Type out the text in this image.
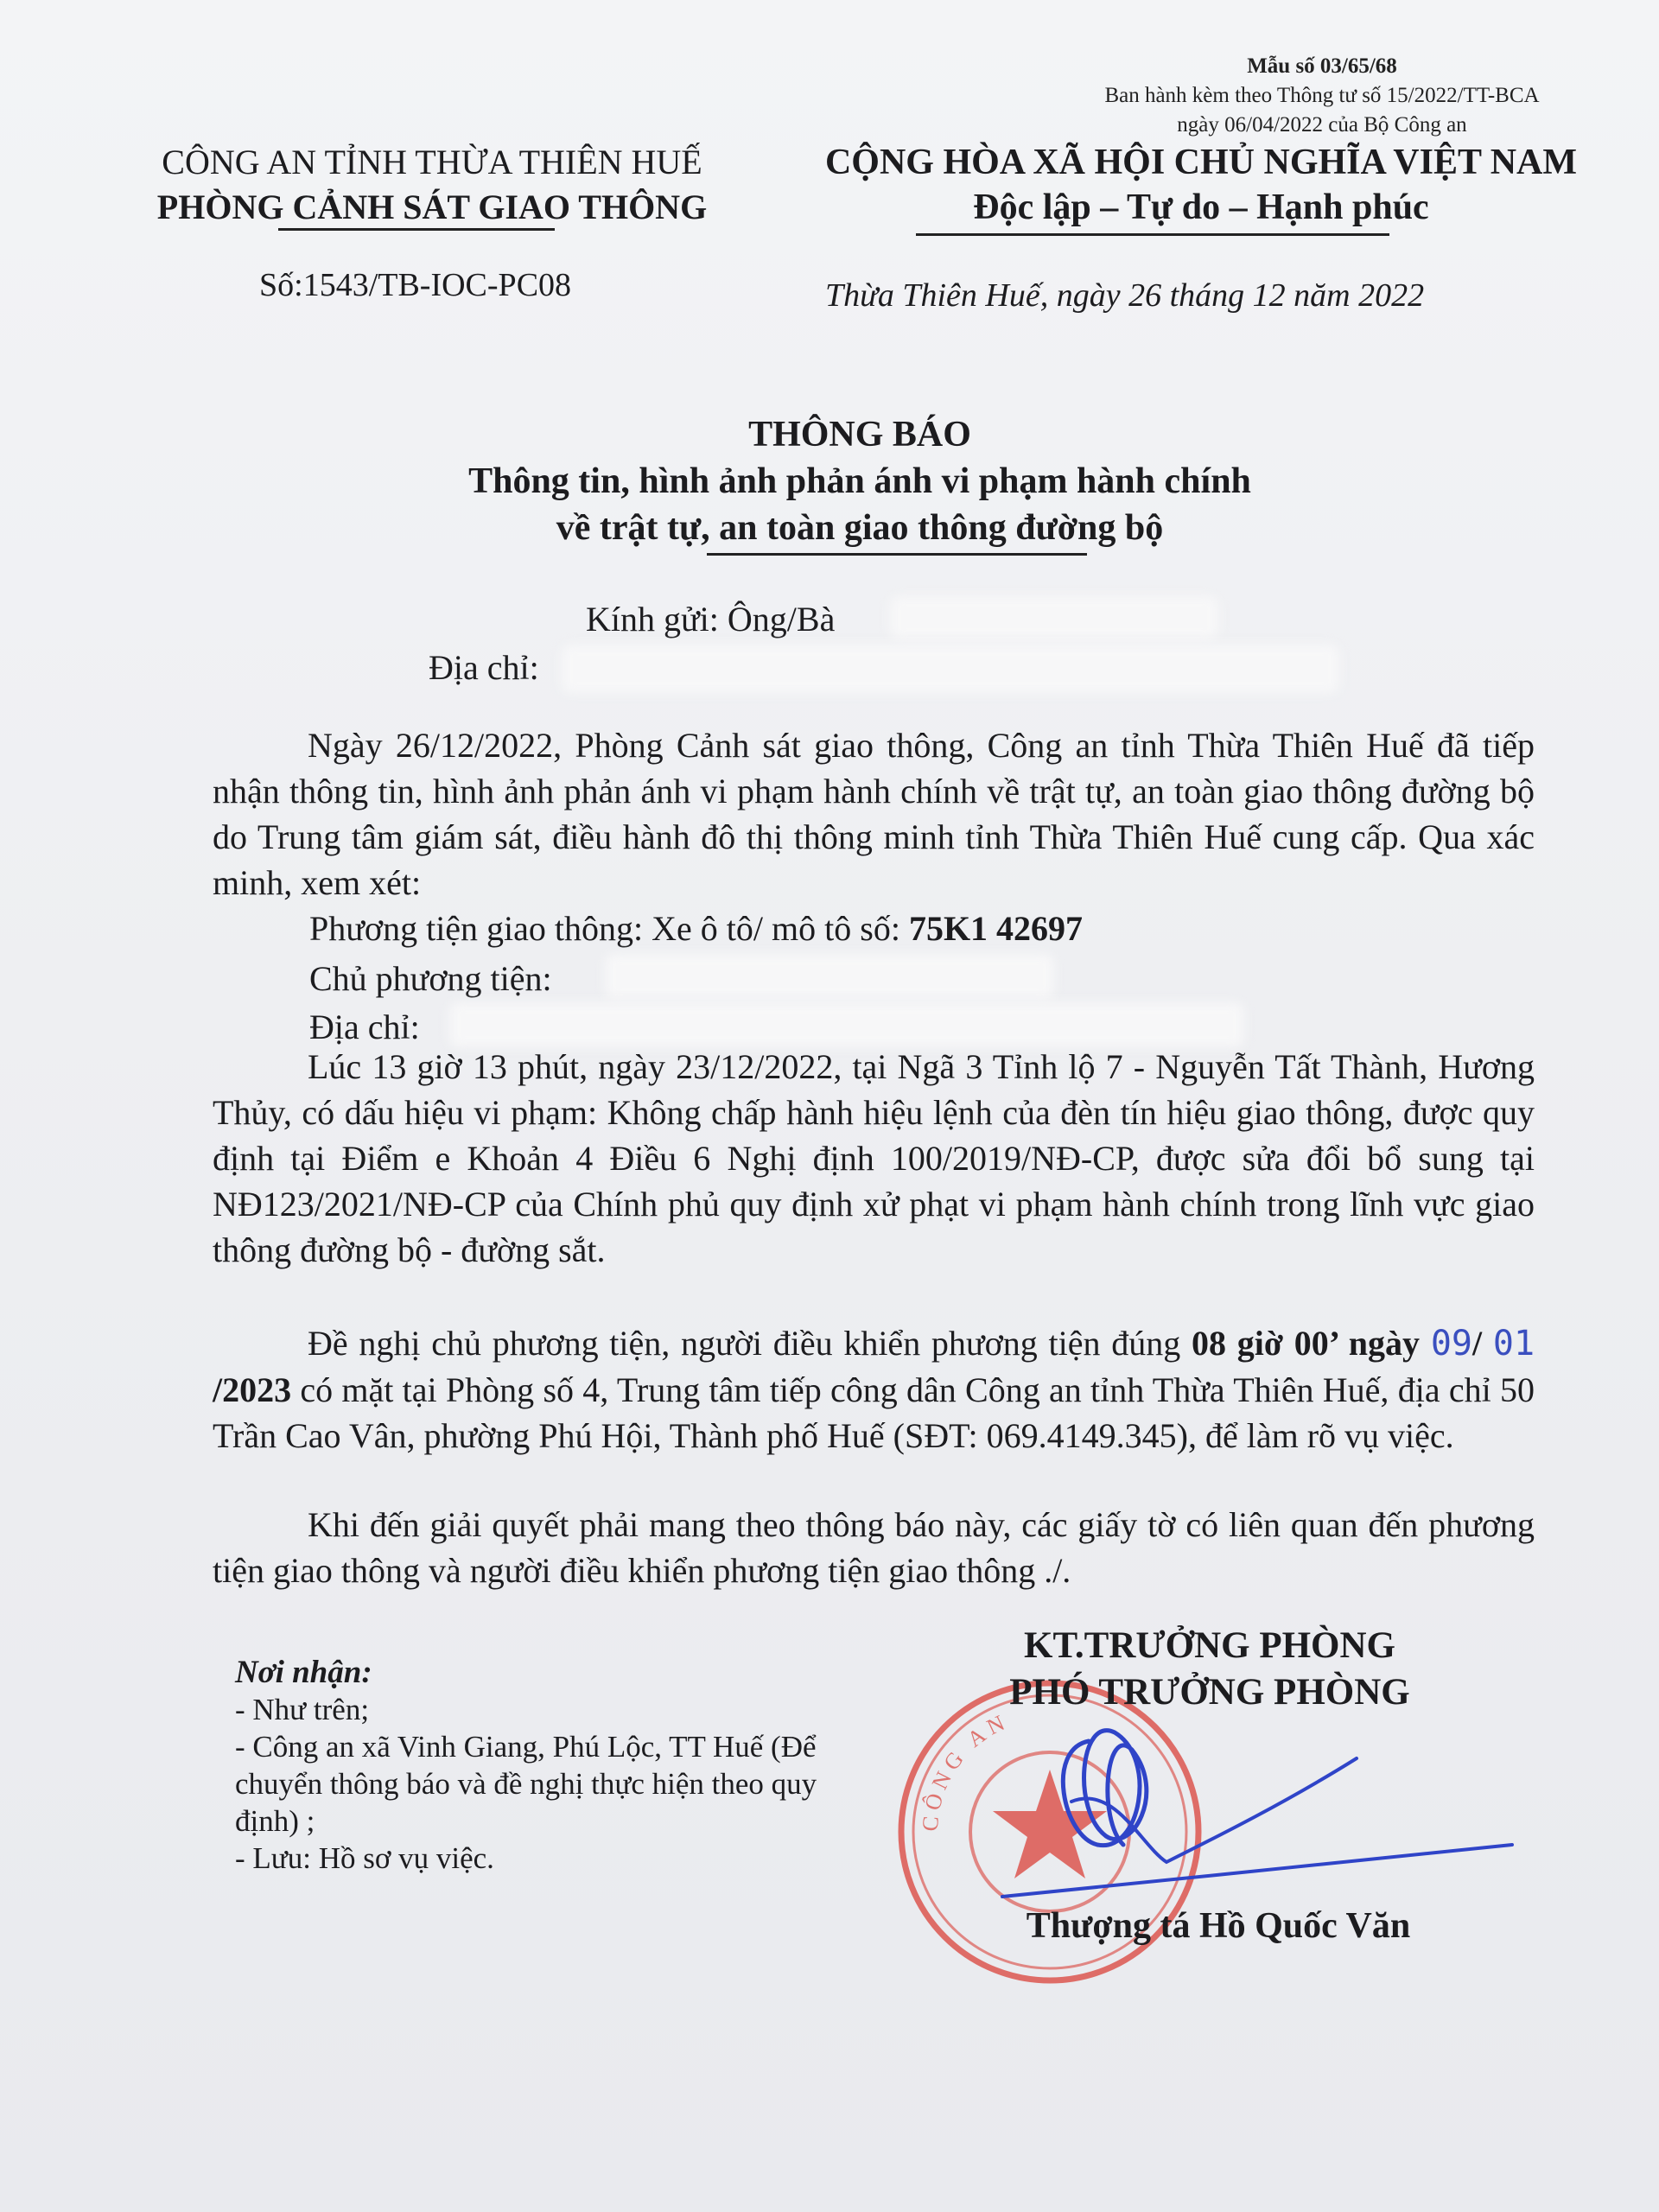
Mẫu số 03/65/68
Ban hành kèm theo Thông tư số 15/2022/TT-BCA
ngày 06/04/2022 của Bộ Công an
CÔNG AN TỈNH THỪA THIÊN HUẾ
PHÒNG CẢNH SÁT GIAO THÔNG
Số:1543/TB-IOC-PC08
CỘNG HÒA XÃ HỘI CHỦ NGHĨA VIỆT NAM
Độc lập – Tự do – Hạnh phúc
Thừa Thiên Huế, ngày 26 tháng 12 năm 2022
THÔNG BÁO
Thông tin, hình ảnh phản ánh vi phạm hành chính
về trật tự, an toàn giao thông đường bộ
Kính gửi: Ông/Bà
Địa chỉ:
Ngày 26/12/2022, Phòng Cảnh sát giao thông, Công an tỉnh Thừa Thiên Huế đã tiếp nhận thông tin, hình ảnh phản ánh vi phạm hành chính về trật tự, an toàn giao thông đường bộ do Trung tâm giám sát, điều hành đô thị thông minh tỉnh Thừa Thiên Huế cung cấp. Qua xác minh, xem xét:
Phương tiện giao thông: Xe ô tô/ mô tô số: 75K1 42697
Chủ phương tiện:
Địa chỉ:
Lúc 13 giờ 13 phút, ngày 23/12/2022, tại Ngã 3 Tỉnh lộ 7 - Nguyễn Tất Thành, Hương Thủy, có dấu hiệu vi phạm: Không chấp hành hiệu lệnh của đèn tín hiệu giao thông, được quy định tại Điểm e Khoản 4 Điều 6 Nghị định 100/2019/NĐ-CP, được sửa đổi bổ sung tại NĐ123/2021/NĐ-CP của Chính phủ quy định xử phạt vi phạm hành chính trong lĩnh vực giao thông đường bộ - đường sắt.
Đề nghị chủ phương tiện, người điều khiển phương tiện đúng 08 giờ 00’ ngày 09/ 01 /2023 có mặt tại Phòng số 4, Trung tâm tiếp công dân Công an tỉnh Thừa Thiên Huế, địa chỉ 50 Trần Cao Vân, phường Phú Hội, Thành phố Huế (SĐT: 069.4149.345), để làm rõ vụ việc.
Khi đến giải quyết phải mang theo thông báo này, các giấy tờ có liên quan đến phương tiện giao thông và người điều khiển phương tiện giao thông ./.
Nơi nhận:
- Như trên;
- Công an xã Vinh Giang, Phú Lộc, TT Huế (Để chuyển thông báo và đề nghị thực hiện theo quy định) ;
- Lưu: Hồ sơ vụ việc.
CÔNG AN
KT.TRƯỞNG PHÒNG
PHÓ TRƯỞNG PHÒNG
Thượng tá Hồ Quốc Văn
